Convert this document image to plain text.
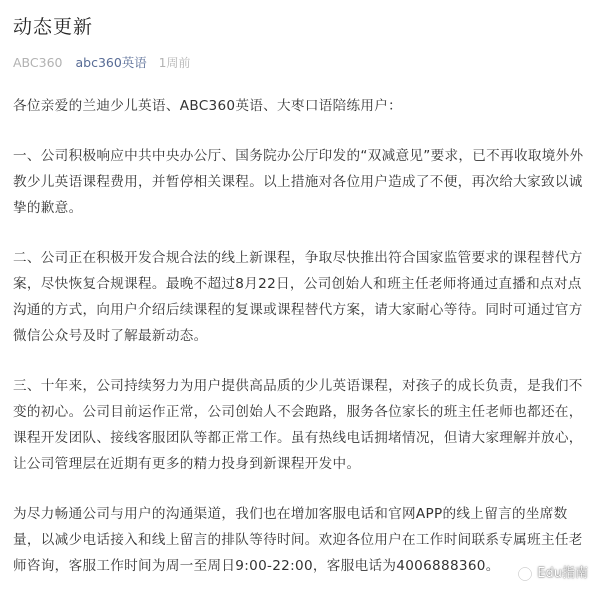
动态更新
ABC360 abc360英语 1周前

各位亲爱的兰迪少儿英语、ABC360英语、大枣口语陪练用户：

一、公司积极响应中共中央办公厅、国务院办公厅印发的“双减意见”要求，已不再收取境外外教少儿英语课程费用，并暂停相关课程。以上措施对各位用户造成了不便，再次给大家致以诚挚的歉意。

二、公司正在积极开发合规合法的线上新课程，争取尽快推出符合国家监管要求的课程替代方案，尽快恢复合规课程。最晚不超过8月22日，公司创始人和班主任老师将通过直播和点对点沟通的方式，向用户介绍后续课程的复课或课程替代方案，请大家耐心等待。同时可通过官方微信公众号及时了解最新动态。

三、十年来，公司持续努力为用户提供高品质的少儿英语课程，对孩子的成长负责，是我们不变的初心。公司目前运作正常，公司创始人不会跑路，服务各位家长的班主任老师也都还在，课程开发团队、接线客服团队等都正常工作。虽有热线电话拥堵情况，但请大家理解并放心，让公司管理层在近期有更多的精力投身到新课程开发中。

为尽力畅通公司与用户的沟通渠道，我们也在增加客服电话和官网APP的线上留言的坐席数量，以减少电话接入和线上留言的排队等待时间。欢迎各位用户在工作时间联系专属班主任老师咨询，客服工作时间为周一至周日9:00-22:00，客服电话为4006888360。	Edu指南
